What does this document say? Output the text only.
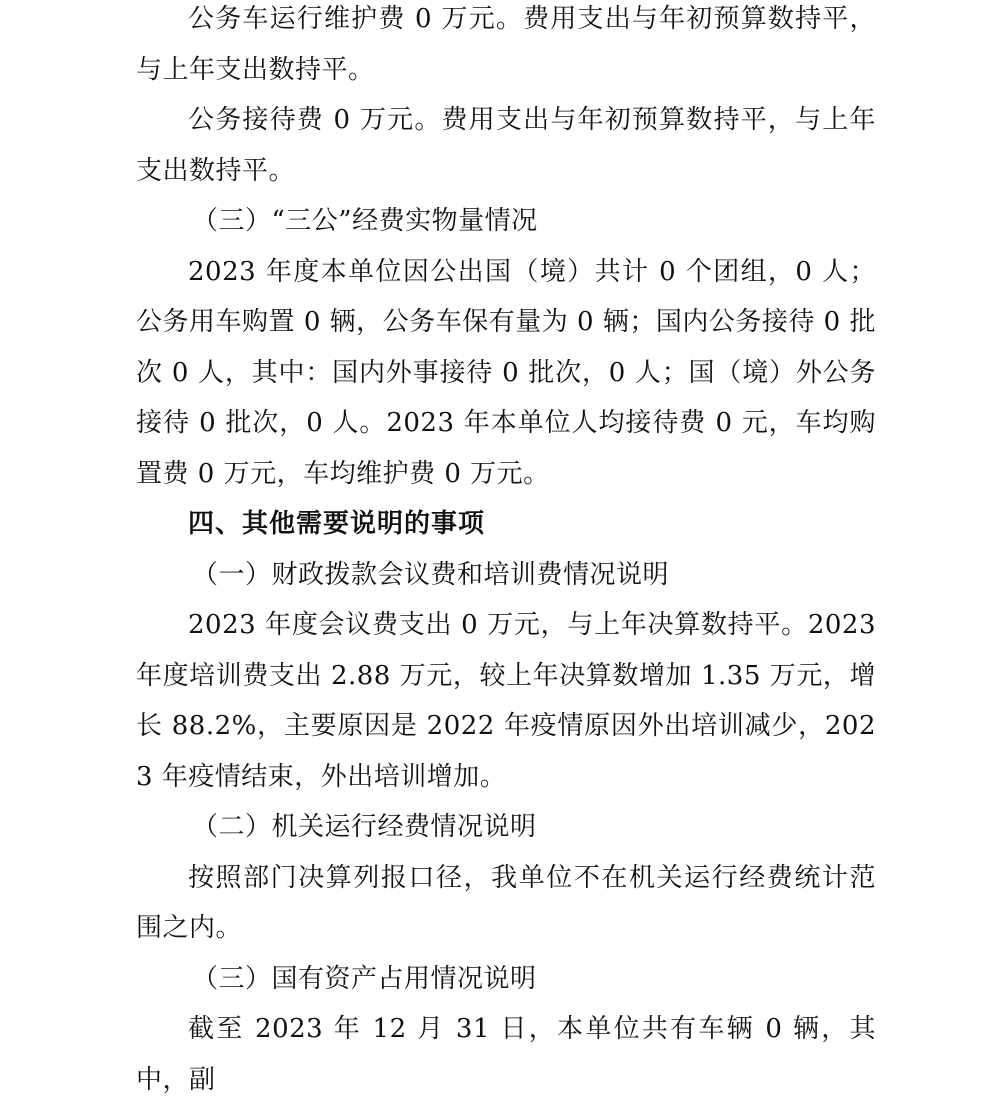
公务车运行维护费 0 万元。费用支出与年初预算数持平，与上年支出数持平。

公务接待费 0 万元。费用支出与年初预算数持平，与上年支出数持平。

（三）“三公”经费实物量情况

2023 年度本单位因公出国（境）共计 0 个团组，0 人；公务用车购置 0 辆，公务车保有量为 0 辆；国内公务接待 0 批次 0 人，其中：国内外事接待 0 批次，0 人；国（境）外公务接待 0 批次，0 人。2023 年本单位人均接待费 0 元，车均购置费 0 万元，车均维护费 0 万元。

四、其他需要说明的事项

（一）财政拨款会议费和培训费情况说明

2023 年度会议费支出 0 万元，与上年决算数持平。2023 年度培训费支出 2.88 万元，较上年决算数增加 1.35 万元，增长 88.2%，主要原因是 2022 年疫情原因外出培训减少，2023 年疫情结束，外出培训增加。

（二）机关运行经费情况说明

按照部门决算列报口径，我单位不在机关运行经费统计范围之内。

（三）国有资产占用情况说明

截至 2023 年 12 月 31 日，本单位共有车辆 0 辆，其中，副
